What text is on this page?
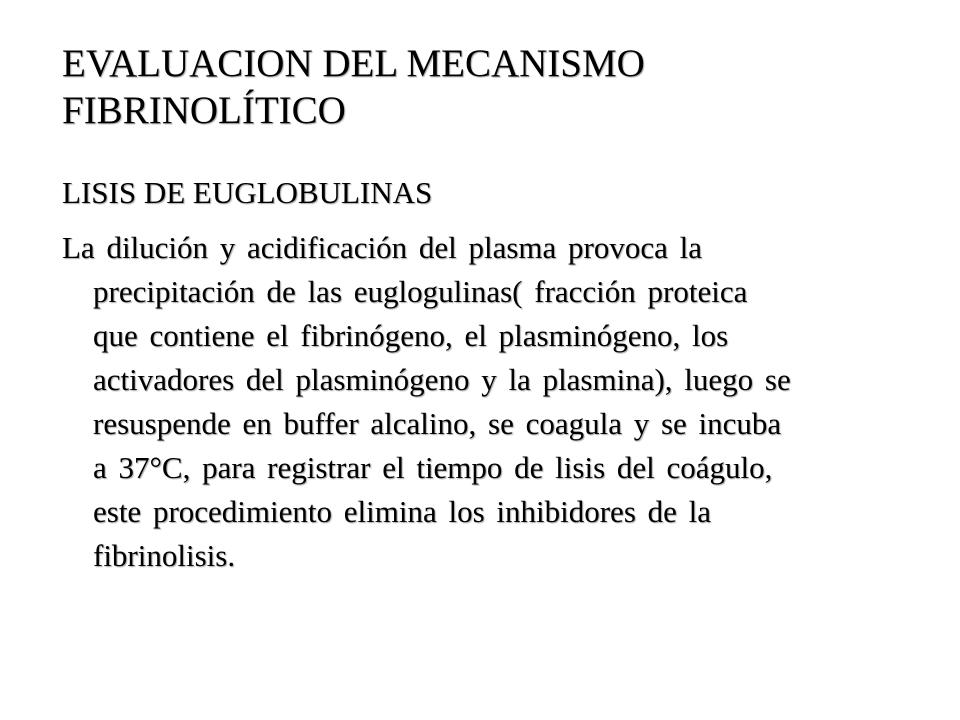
EVALUACION DEL MECANISMO
FIBRINOLÍTICO

LISIS DE EUGLOBULINAS

La dilución y acidificación del plasma provoca la
precipitación de las euglogulinas( fracción proteica
que contiene el fibrinógeno, el plasminógeno, los
activadores del plasminógeno y la plasmina), luego se
resuspende en buffer alcalino, se coagula y se incuba
a 37°C, para registrar el tiempo de lisis del coágulo,
este procedimiento elimina los inhibidores de la
fibrinolisis.
